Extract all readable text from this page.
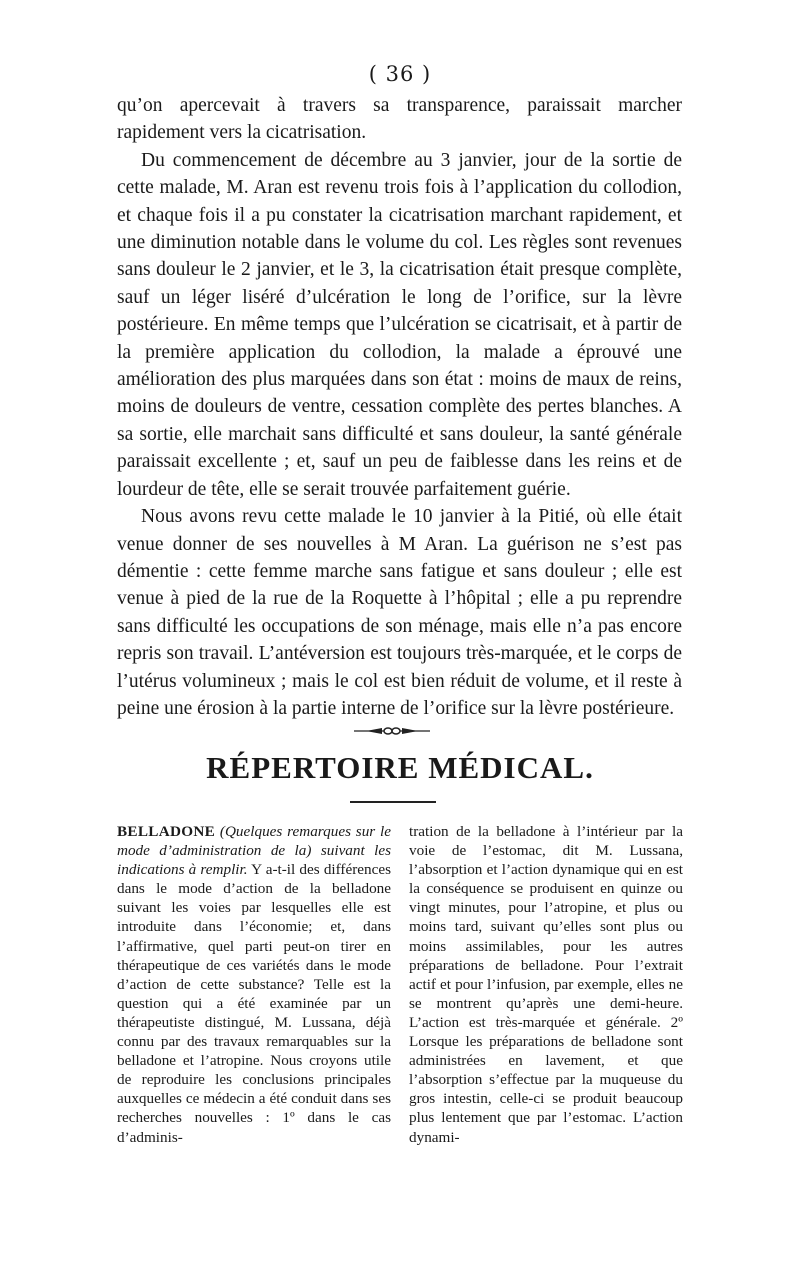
( 36 )

qu’on apercevait à travers sa transparence, paraissait marcher rapidement vers la cicatrisation.

Du commencement de décembre au 3 janvier, jour de la sortie de cette malade, M. Aran est revenu trois fois à l’application du collodion, et chaque fois il a pu constater la cicatrisation marchant rapidement, et une diminution notable dans le volume du col. Les règles sont revenues sans douleur le 2 janvier, et le 3, la cicatrisation était presque complète, sauf un léger liséré d’ulcération le long de l’orifice, sur la lèvre postérieure. En même temps que l’ulcération se cicatrisait, et à partir de la première application du collodion, la malade a éprouvé une amélioration des plus marquées dans son état : moins de maux de reins, moins de douleurs de ventre, cessation complète des pertes blanches. A sa sortie, elle marchait sans difficulté et sans douleur, la santé générale paraissait excellente ; et, sauf un peu de faiblesse dans les reins et de lourdeur de tête, elle se serait trouvée parfaitement guérie.

Nous avons revu cette malade le 10 janvier à la Pitié, où elle était venue donner de ses nouvelles à M Aran. La guérison ne s’est pas démentie : cette femme marche sans fatigue et sans douleur ; elle est venue à pied de la rue de la Roquette à l’hôpital ; elle a pu reprendre sans difficulté les occupations de son ménage, mais elle n’a pas encore repris son travail. L’antéversion est toujours très-marquée, et le corps de l’utérus volumineux ; mais le col est bien réduit de volume, et il reste à peine une érosion à la partie interne de l’orifice sur la lèvre postérieure.

RÉPERTOIRE MÉDICAL.

BELLADONE (Quelques remarques sur le mode d’administration de la) suivant les indications à remplir. Y a-t-il des différences dans le mode d’action de la belladone suivant les voies par lesquelles elle est introduite dans l’économie; et, dans l’affirmative, quel parti peut-on tirer en thérapeutique de ces variétés dans le mode d’action de cette substance? Telle est la question qui a été examinée par un thérapeutiste distingué, M. Lussana, déjà connu par des travaux remarquables sur la belladone et l’atropine. Nous croyons utile de reproduire les conclusions principales auxquelles ce médecin a été conduit dans ses recherches nouvelles : 1º dans le cas d’adminis-

tration de la belladone à l’intérieur par la voie de l’estomac, dit M. Lussana, l’absorption et l’action dynamique qui en est la conséquence se produisent en quinze ou vingt minutes, pour l’atropine, et plus ou moins tard, suivant qu’elles sont plus ou moins assimilables, pour les autres préparations de belladone. Pour l’extrait actif et pour l’infusion, par exemple, elles ne se montrent qu’après une demi-heure. L’action est très-marquée et générale. 2º Lorsque les préparations de belladone sont administrées en lavement, et que l’absorption s’effectue par la muqueuse du gros intestin, celle-ci se produit beaucoup plus lentement que par l’estomac. L’action dynami-
